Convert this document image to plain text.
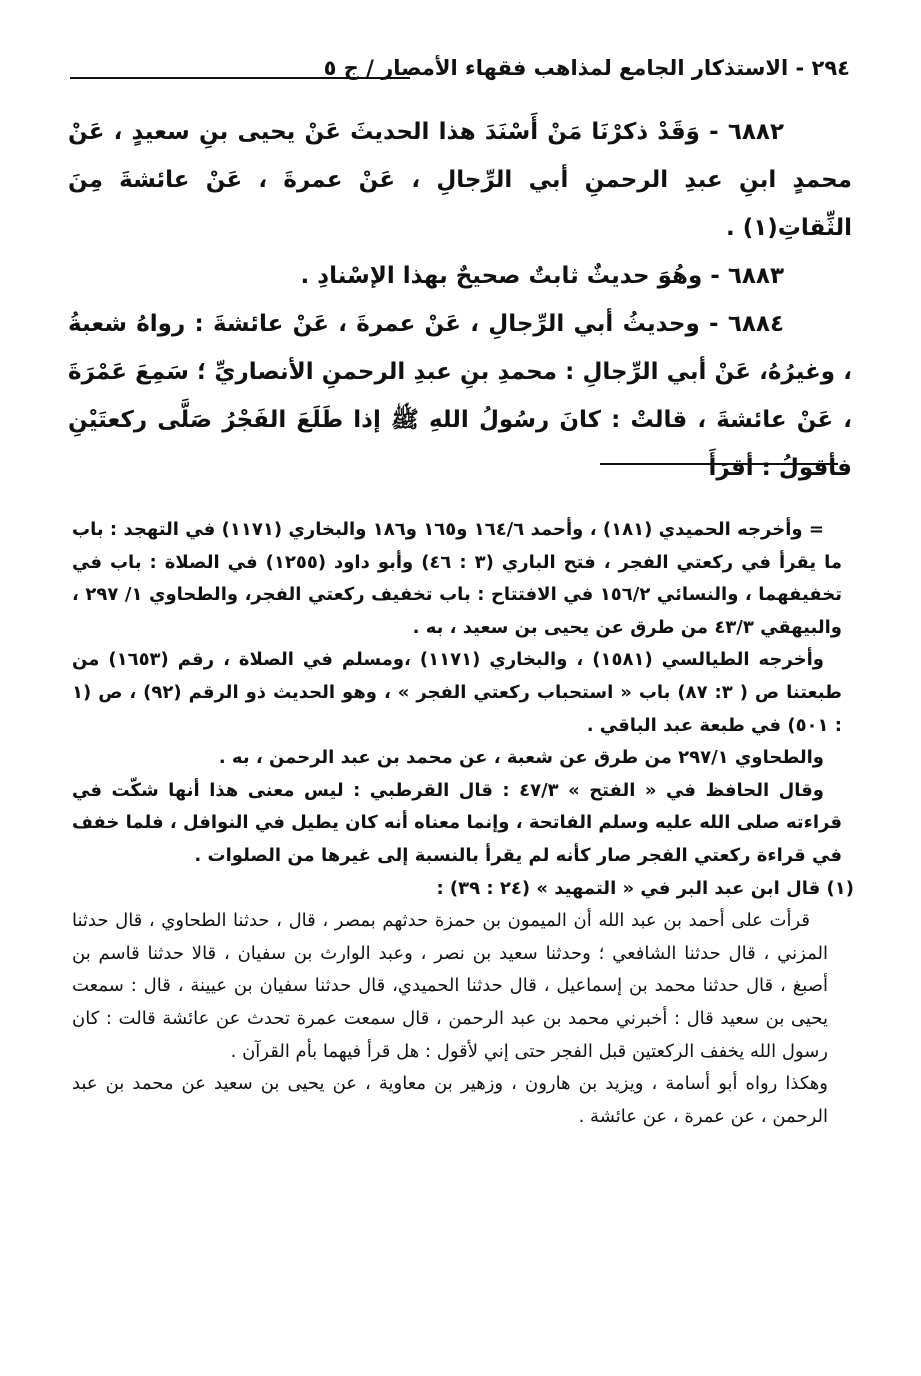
٢٩٤ - الاستذكار الجامع لمذاهب فقهاء الأمصار / ج ٥

٦٨٨٢ - وَقَدْ ذكرْنَا مَنْ أَسْنَدَ هذا الحديثَ عَنْ يحيى بنِ سعيدٍ ، عَنْ محمدٍ ابنِ عبدِ الرحمنِ أبي الرِّجالِ ، عَنْ عمرةَ ، عَنْ عائشةَ مِنَ الثِّقاتِ(١) .

٦٨٨٣ - وهُوَ حديثٌ ثابتٌ صحيحٌ بهذا الإسْنادِ .

٦٨٨٤ - وحديثُ أبي الرِّجالِ ، عَنْ عمرةَ ، عَنْ عائشةَ : رواهُ شعبةُ ، وغيرُهُ، عَنْ أبي الرِّجالِ : محمدِ بنِ عبدِ الرحمنِ الأنصاريِّ ؛ سَمِعَ عَمْرَةَ ، عَنْ عائشةَ ، قالتْ : كانَ رسُولُ اللهِ ﷺ إذا طَلَعَ الفَجْرُ صَلَّى ركعتَيْنِ فأقولُ : أقرَأَ

= وأخرجه الحميدي (١٨١) ، وأحمد ١٦٤/٦ و١٦٥ و١٨٦ والبخاري (١١٧١) في التهجد : باب ما يقرأ في ركعتي الفجر ، فتح الباري (٣ : ٤٦) وأبو داود (١٢٥٥) في الصلاة : باب في تخفيفهما ، والنسائي ١٥٦/٢ في الافتتاح : باب تخفيف ركعتي الفجر، والطحاوي ١/ ٢٩٧ ، والبيهقي ٤٣/٣ من طرق عن يحيى بن سعيد ، به .

وأخرجه الطيالسي (١٥٨١) ، والبخاري (١١٧١) ،ومسلم في الصلاة ، رقم (١٦٥٣) من طبعتنا ص ( ٣: ٨٧) باب « استحباب ركعتي الفجر » ، وهو الحديث ذو الرقم (٩٢) ، ص (١ : ٥٠١) في طبعة عبد الباقي .

والطحاوي ٢٩٧/١ من طرق عن شعبة ، عن محمد بن عبد الرحمن ، به .

وقال الحافظ في « الفتح » ٤٧/٣ : قال القرطبي : ليس معنى هذا أنها شكّت في قراءته صلى الله عليه وسلم الفاتحة ، وإنما معناه أنه كان يطيل في النوافل ، فلما خفف في قراءة ركعتي الفجر صار كأنه لم يقرأ بالنسبة إلى غيرها من الصلوات .

(١) قال ابن عبد البر في « التمهيد » (٢٤ : ٣٩) :

قرأت على أحمد بن عبد الله أن الميمون بن حمزة حدثهم بمصر ، قال ، حدثنا الطحاوي ، قال حدثنا المزني ، قال حدثنا الشافعي ؛ وحدثنا سعيد بن نصر ، وعبد الوارث بن سفيان ، قالا حدثنا قاسم بن أصبغ ، قال حدثنا محمد بن إسماعيل ، قال حدثنا الحميدي، قال حدثنا سفيان بن عيينة ، قال : سمعت يحيى بن سعيد قال : أخبرني محمد بن عبد الرحمن ، قال سمعت عمرة تحدث عن عائشة قالت : كان رسول الله يخفف الركعتين قبل الفجر حتى إني لأقول : هل قرأ فيهما بأم القرآن .

وهكذا رواه أبو أسامة ، ويزيد بن هارون ، وزهير بن معاوية ، عن يحيى بن سعيد عن محمد بن عبد الرحمن ، عن عمرة ، عن عائشة .
